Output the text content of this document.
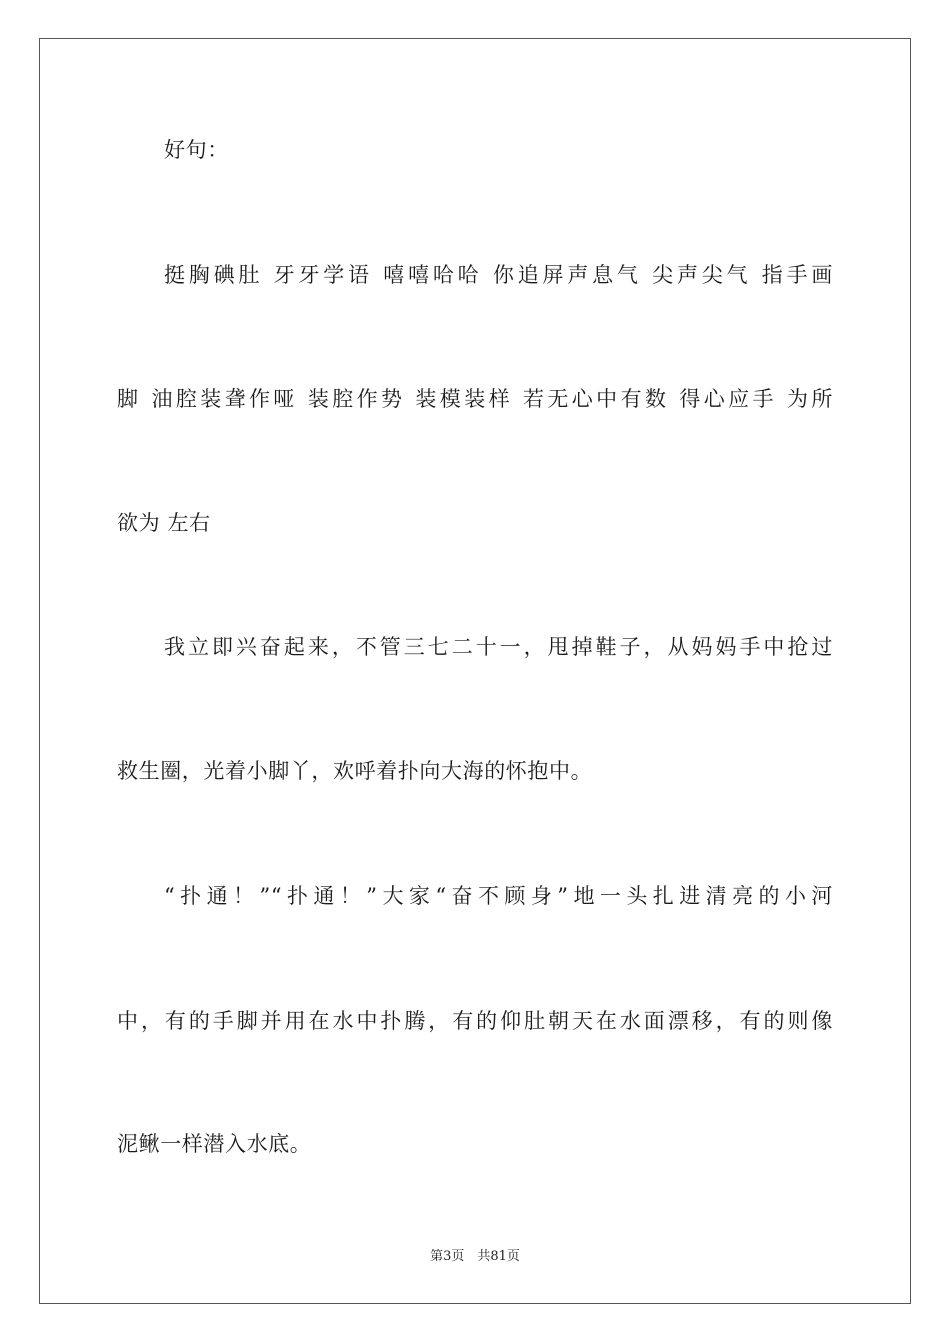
好句：
挺胸碘肚 牙牙学语 嘻嘻哈哈 你追屏声息气 尖声尖气 指手画
脚 油腔装聋作哑 装腔作势 装模装样 若无心中有数 得心应手 为所
欲为 左右
我立即兴奋起来，不管三七二十一，甩掉鞋子，从妈妈手中抢过
救生圈，光着小脚丫，欢呼着扑向大海的怀抱中。
“扑通！”“扑通！”大家“奋不顾身”地一头扎进清亮的小河
中，有的手脚并用在水中扑腾，有的仰肚朝天在水面漂移，有的则像
泥鳅一样潜入水底。
第3页　共81页
